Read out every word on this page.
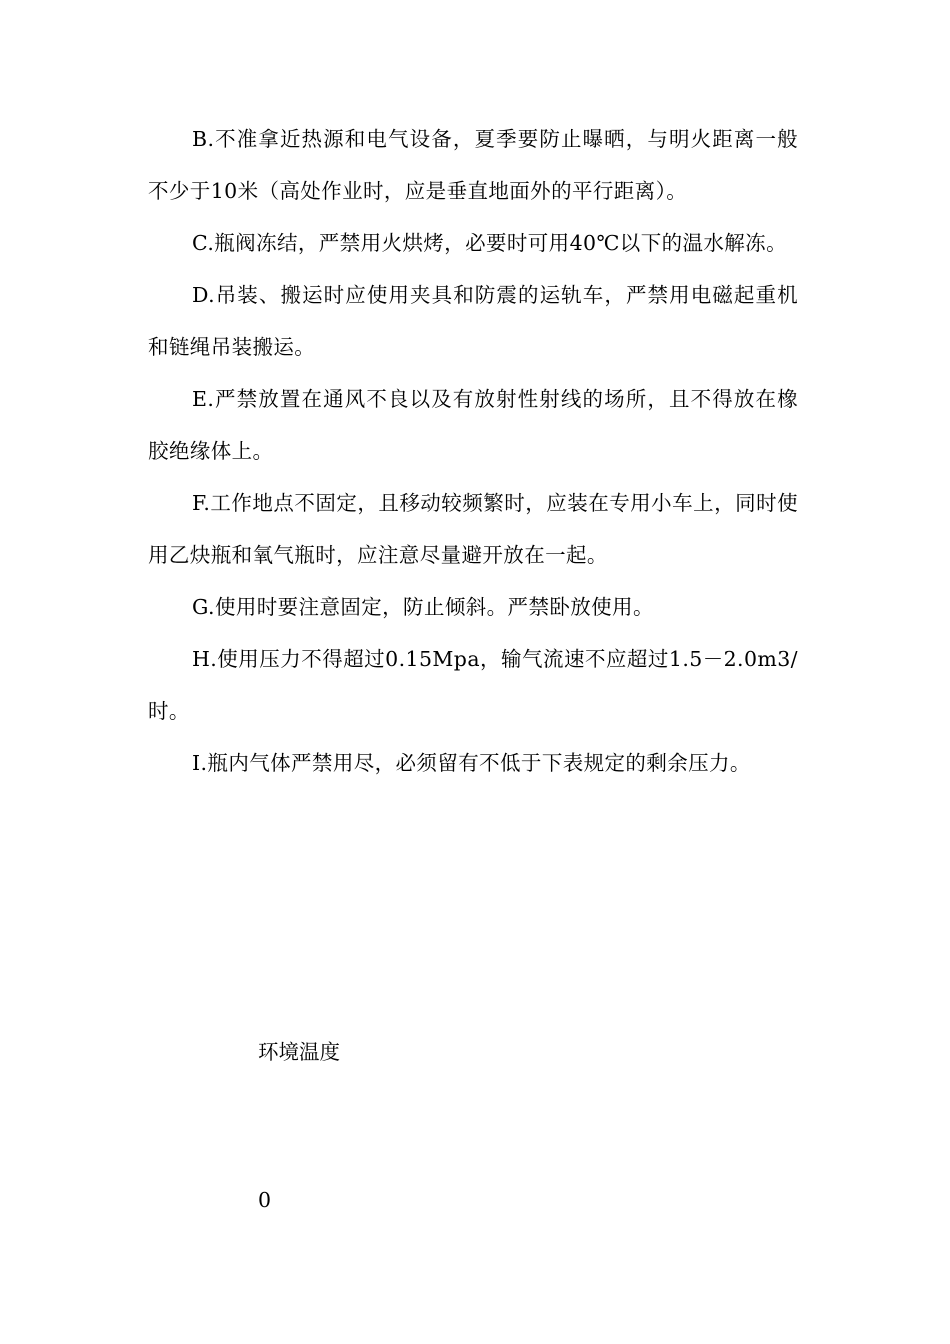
B.不准拿近热源和电气设备，夏季要防止曝晒，与明火距离一般不少于10米（高处作业时，应是垂直地面外的平行距离）。

C.瓶阀冻结，严禁用火烘烤，必要时可用40℃以下的温水解冻。

D.吊装、搬运时应使用夹具和防震的运轨车，严禁用电磁起重机和链绳吊装搬运。

E.严禁放置在通风不良以及有放射性射线的场所，且不得放在橡胶绝缘体上。

F.工作地点不固定，且移动较频繁时，应装在专用小车上，同时使用乙炔瓶和氧气瓶时，应注意尽量避开放在一起。

G.使用时要注意固定，防止倾斜。严禁卧放使用。

H.使用压力不得超过0.15Mpa，输气流速不应超过1.5－2.0m3/时。

I.瓶内气体严禁用尽，必须留有不低于下表规定的剩余压力。

环境温度
0
